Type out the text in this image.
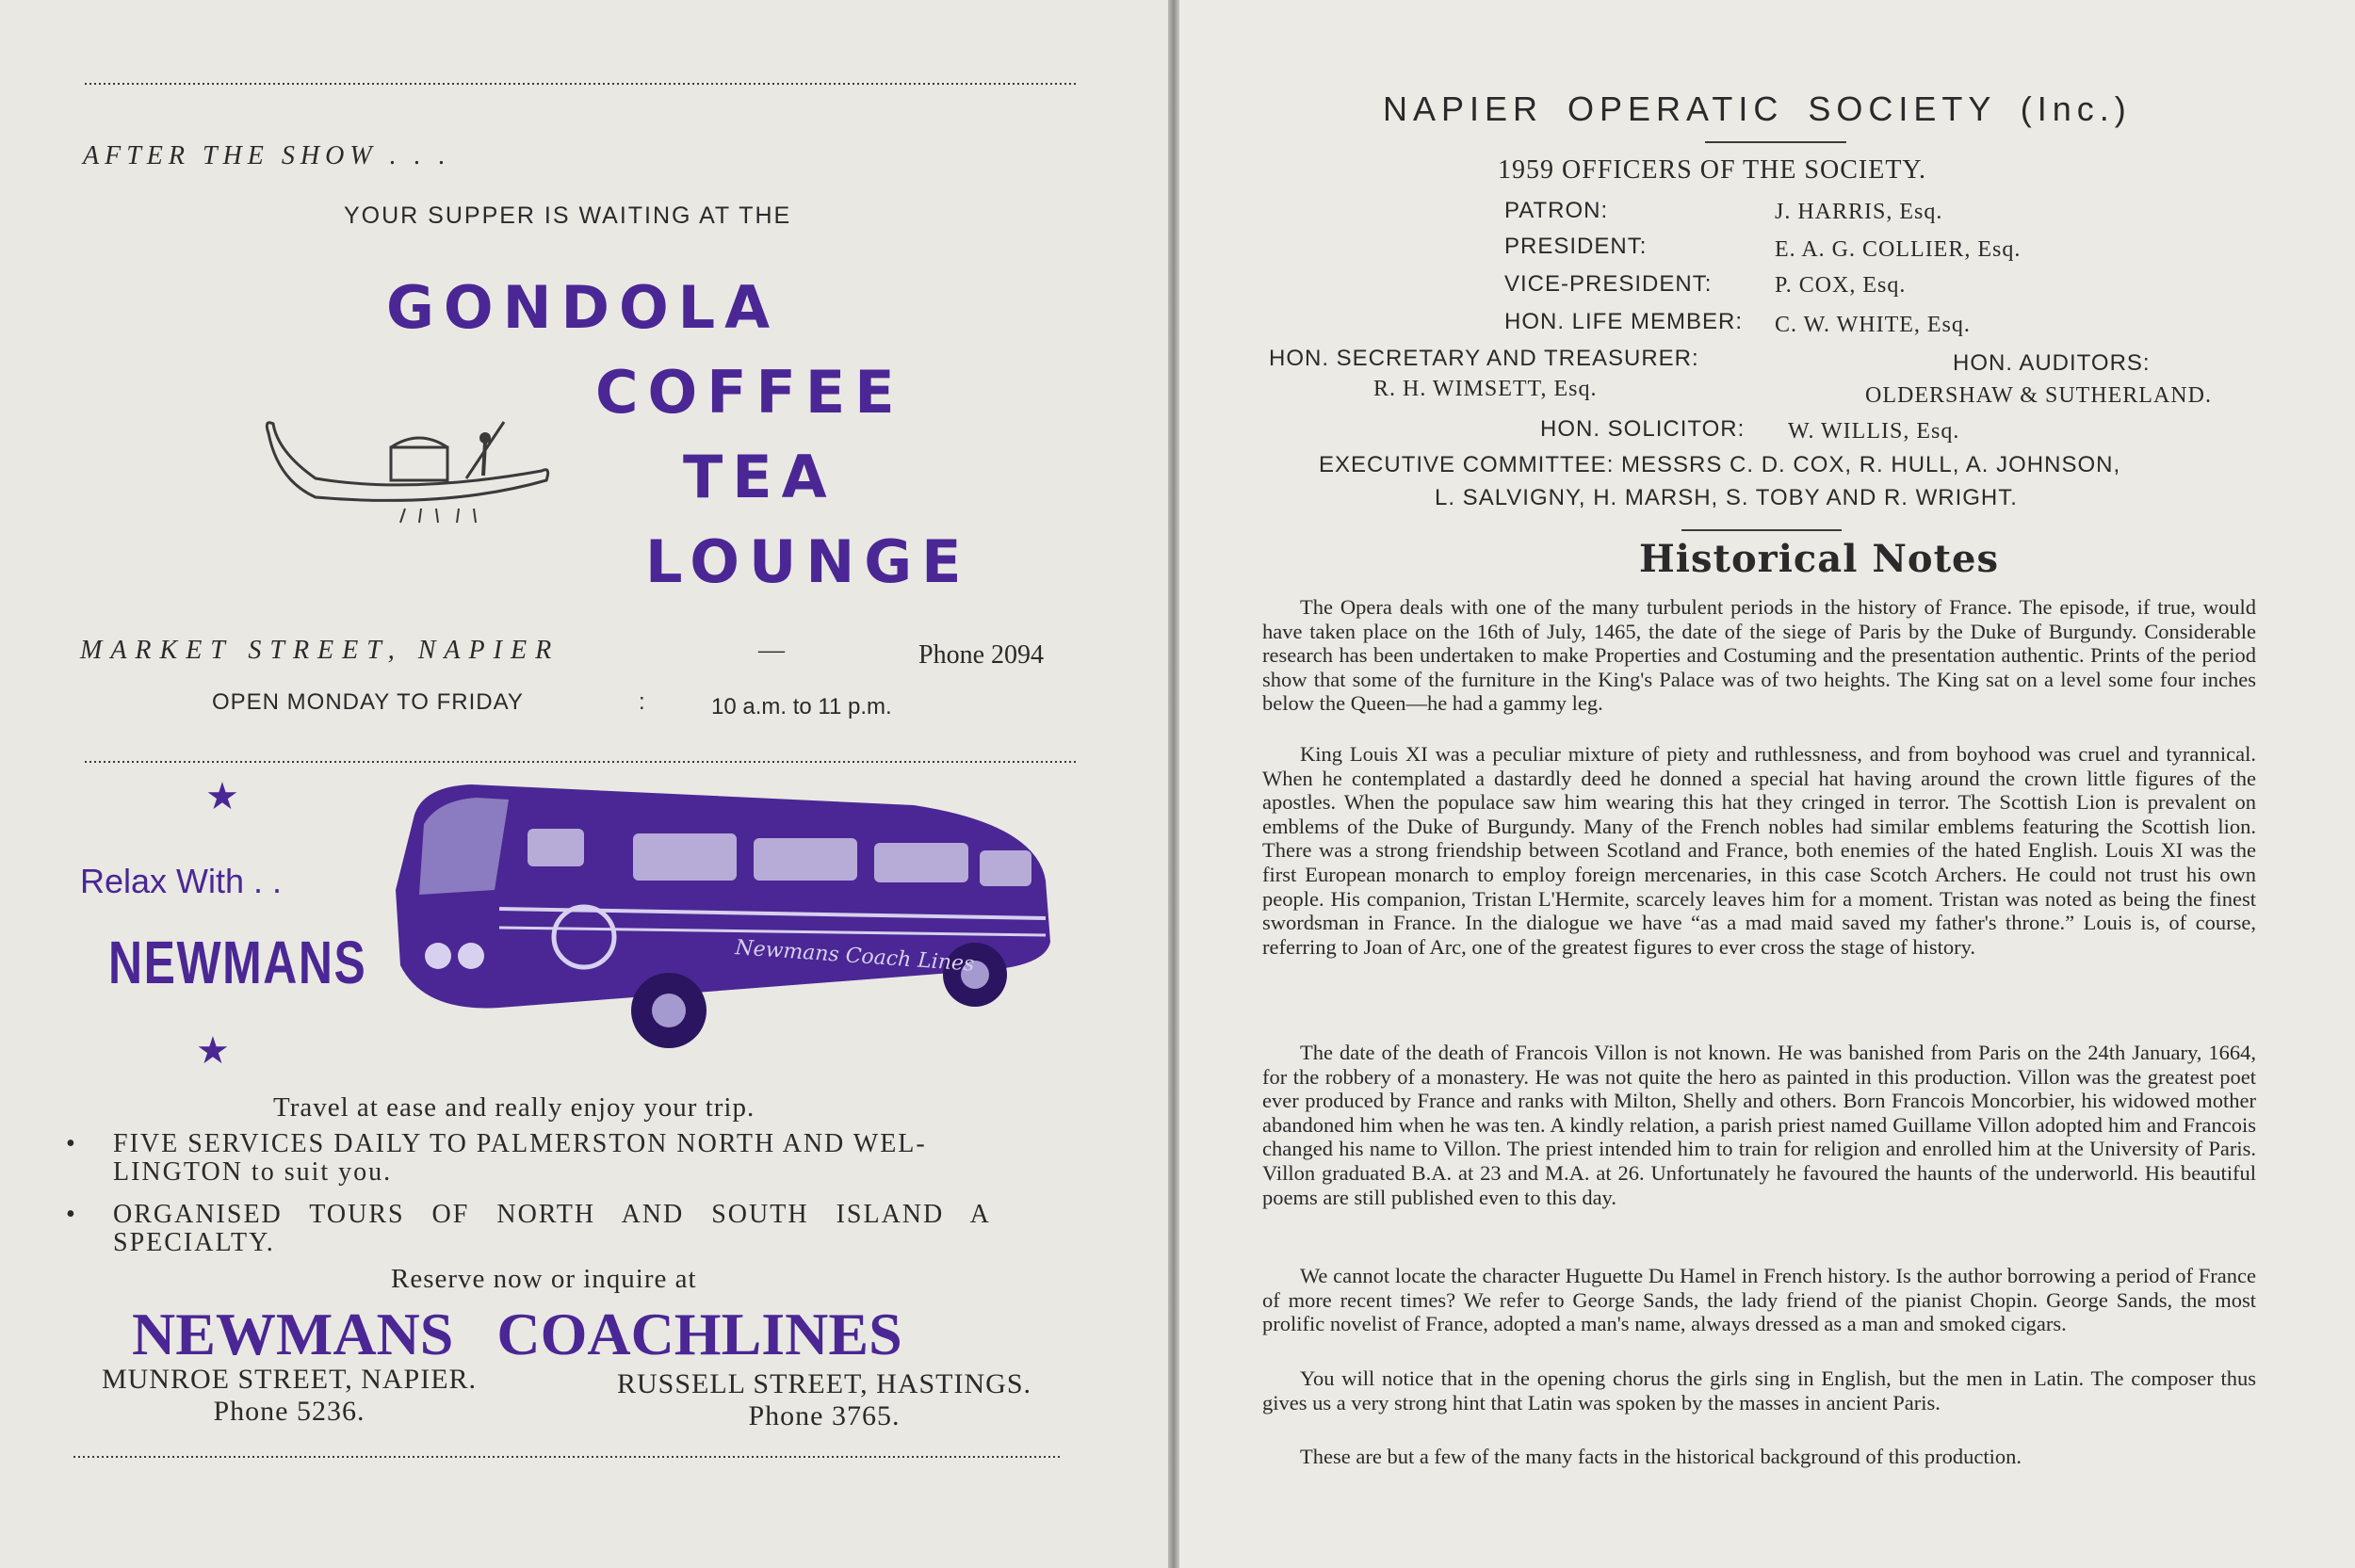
AFTER THE SHOW . . .
YOUR SUPPER IS WAITING AT THE
GONDOLA
COFFEE
TEA
LOUNGE
MARKET STREET, NAPIER	—	Phone 2094
OPEN MONDAY TO FRIDAY	:	10 a.m. to 11 p.m.
★
★
Relax With . .
NEWMANS	Newmans Coach Lines
Travel at ease and really enjoy your trip.
• FIVE SERVICES DAILY TO PALMERSTON NORTH AND WEL-
LINGTON to suit you.
• ORGANISED TOURS OF NORTH AND SOUTH ISLAND A
SPECIALTY.
Reserve now or inquire at
NEWMANS COACHLINES
MUNROE STREET, NAPIER.
Phone 5236.
RUSSELL STREET, HASTINGS.
Phone 3765.
NAPIER OPERATIC SOCIETY (Inc.)
1959 OFFICERS OF THE SOCIETY.
PATRON:	J. HARRIS, Esq.
PRESIDENT:	E. A. G. COLLIER, Esq.
VICE-PRESIDENT:	P. COX, Esq.
HON. LIFE MEMBER: C. W. WHITE, Esq.
HON. SECRETARY AND TREASURER:
R. H. WIMSETT, Esq.
HON. AUDITORS:
OLDERSHAW & SUTHERLAND.
HON. SOLICITOR: W. WILLIS, Esq.
EXECUTIVE COMMITTEE: MESSRS C. D. COX, R. HULL, A. JOHNSON,
L. SALVIGNY, H. MARSH, S. TOBY AND R. WRIGHT.
Historical Notes

The Opera deals with one of the many turbulent periods in the history of France. The episode, if true, would have taken place on the 16th of July, 1465, the date of the siege of Paris by the Duke of Burgundy. Considerable research has been undertaken to make Properties and Costuming and the presentation authentic. Prints of the period show that some of the furniture in the King's Palace was of two heights. The King sat on a level some four inches below the Queen—he had a gammy leg.

King Louis XI was a peculiar mixture of piety and ruthlessness, and from boyhood was cruel and tyrannical. When he contemplated a dastardly deed he donned a special hat having around the crown little figures of the apostles. When the populace saw him wearing this hat they cringed in terror. The Scottish Lion is prevalent on emblems of the Duke of Burgundy. Many of the French nobles had similar emblems featuring the Scottish lion. There was a strong friendship between Scotland and France, both enemies of the hated English. Louis XI was the first European monarch to employ foreign mercenaries, in this case Scotch Archers. He could not trust his own people. His companion, Tristan L'Hermite, scarcely leaves him for a moment. Tristan was noted as being the finest swordsman in France. In the dialogue we have “as a mad maid saved my father's throne.” Louis is, of course, referring to Joan of Arc, one of the greatest figures to ever cross the stage of history.

The date of the death of Francois Villon is not known. He was banished from Paris on the 24th January, 1664, for the robbery of a monastery. He was not quite the hero as painted in this production. Villon was the greatest poet ever produced by France and ranks with Milton, Shelly and others. Born Francois Moncorbier, his widowed mother abandoned him when he was ten. A kindly relation, a parish priest named Guillame Villon adopted him and Francois changed his name to Villon. The priest intended him to train for religion and enrolled him at the University of Paris. Villon graduated B.A. at 23 and M.A. at 26. Unfortunately he favoured the haunts of the underworld. His beautiful poems are still published even to this day.

We cannot locate the character Huguette Du Hamel in French history. Is the author borrowing a period of France of more recent times? We refer to George Sands, the lady friend of the pianist Chopin. George Sands, the most prolific novelist of France, adopted a man's name, always dressed as a man and smoked cigars.

You will notice that in the opening chorus the girls sing in English, but the men in Latin. The composer thus gives us a very strong hint that Latin was spoken by the masses in ancient Paris.

These are but a few of the many facts in the historical background of this production.
